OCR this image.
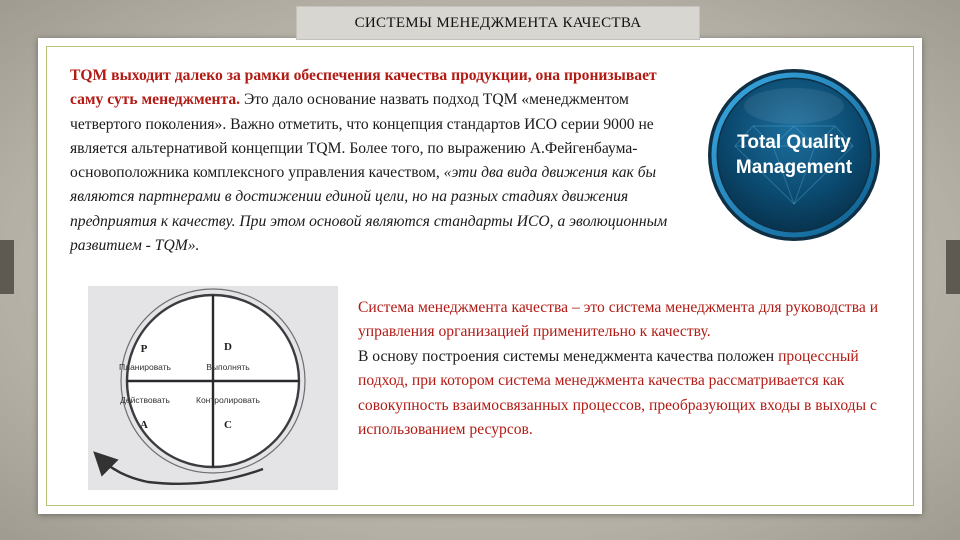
СИСТЕМЫ МЕНЕДЖМЕНТА КАЧЕСТВА
TQM выходит далеко за рамки обеспечения качества продукции, она пронизывает саму суть менеджмента. Это дало основание назвать подход TQM «менеджментом четвертого поколения». Важно отметить, что концепция стандартов ИСО серии 9000 не является альтернативой концепции TQM. Более того, по выражению А.Фейгенбаума-основоположника комплексного управления качеством, «эти два вида движения как бы являются партнерами в достижении единой цели, но на разных стадиях движения предприятия к качеству. При этом основой являются стандарты ИСО, а эволюционным развитием - TQM».
Total Quality
Management
P	D
Планировать	Выполнять
Действовать	Контролировать
A	C
Система менеджмента качества – это система менеджмента для руководства и управления организацией применительно к качеству.
В основу построения системы менеджмента качества положен процессный подход, при котором система менеджмента качества рассматривается как совокупность взаимосвязанных процессов, преобразующих входы в выходы с использованием ресурсов.
